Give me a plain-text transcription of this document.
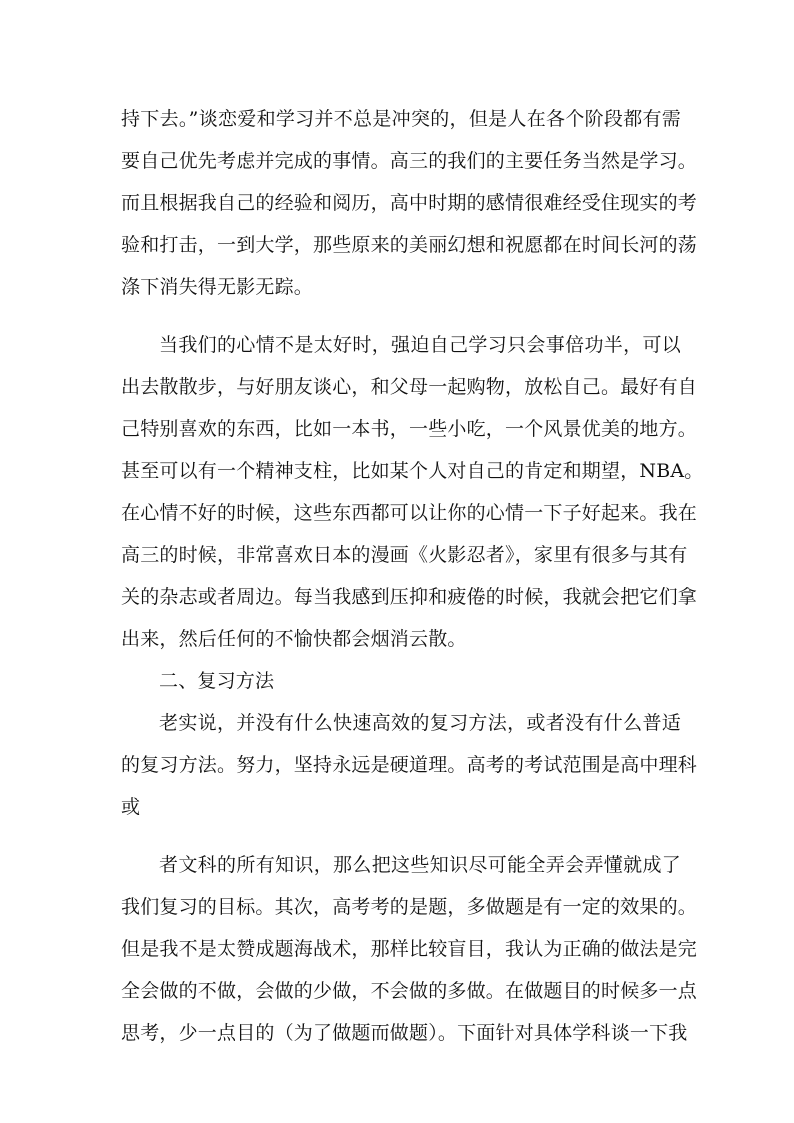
持下去。”谈恋爱和学习并不总是冲突的，但是人在各个阶段都有需
要自己优先考虑并完成的事情。高三的我们的主要任务当然是学习。
而且根据我自己的经验和阅历，高中时期的感情很难经受住现实的考
验和打击，一到大学，那些原来的美丽幻想和祝愿都在时间长河的荡
涤下消失得无影无踪。
当我们的心情不是太好时，强迫自己学习只会事倍功半，可以
出去散散步，与好朋友谈心，和父母一起购物，放松自己。最好有自
己特别喜欢的东西，比如一本书，一些小吃，一个风景优美的地方。
甚至可以有一个精神支柱，比如某个人对自己的肯定和期望，NBA。
在心情不好的时候，这些东西都可以让你的心情一下子好起来。我在
高三的时候，非常喜欢日本的漫画《火影忍者》，家里有很多与其有
关的杂志或者周边。每当我感到压抑和疲倦的时候，我就会把它们拿
出来，然后任何的不愉快都会烟消云散。
二、复习方法
老实说，并没有什么快速高效的复习方法，或者没有什么普适
的复习方法。努力，坚持永远是硬道理。高考的考试范围是高中理科
或
者文科的所有知识，那么把这些知识尽可能全弄会弄懂就成了
我们复习的目标。其次，高考考的是题，多做题是有一定的效果的。
但是我不是太赞成题海战术，那样比较盲目，我认为正确的做法是完
全会做的不做，会做的少做，不会做的多做。在做题目的时候多一点
思考，少一点目的（为了做题而做题）。下面针对具体学科谈一下我
